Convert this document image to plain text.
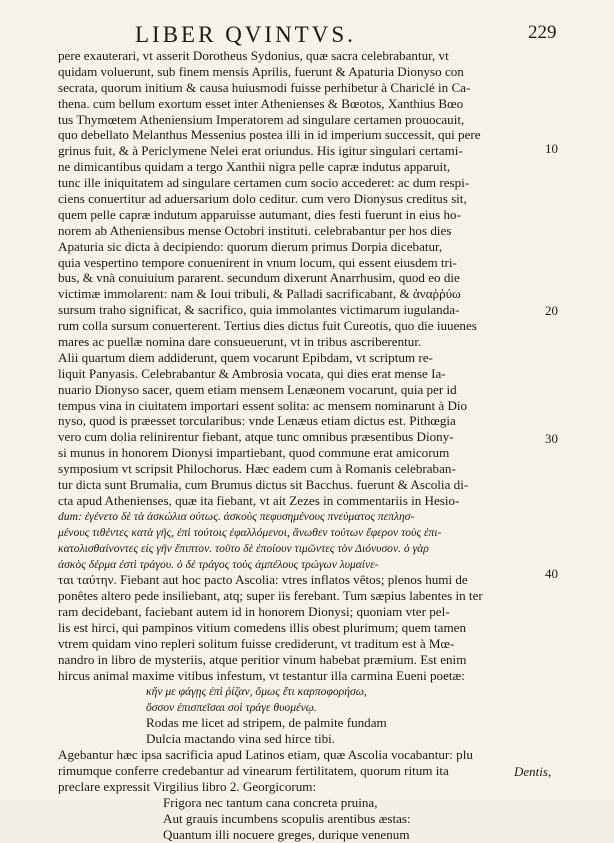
LIBER QVINTVS.	229
pere exauterari, vt asserit Dorotheus Sydonius, quæ sacra celebrabantur, vt
quidam voluerunt, sub finem mensis Aprilis, fuerunt & Apaturia Dionyso con
secrata, quorum initium & causa huiusmodi fuisse perhibetur à Chariclé in Ca-
thena. cum bellum exortum esset inter Athenienses & Bœotos, Xanthius Bœo
tus Thymœtem Atheniensium Imperatorem ad singulare certamen prouocauit,
quo debellato Melanthus Messenius postea illi in id imperium successit, qui pere
grinus fuit, & à Periclymene Nelei erat oriundus. His igitur singulari certami-
ne dimicantibus quidam a tergo Xanthii nigra pelle capræ indutus apparuit,
tunc ille iniquitatem ad singulare certamen cum socio accederet: ac dum respi-
ciens conuertitur ad aduersarium dolo ceditur. cum vero Dionysus creditus sit,
quem pelle capræ indutum apparuisse autumant, dies festi fuerunt in eius ho-
norem ab Atheniensibus mense Octobri instituti. celebrabantur per hos dies
Apaturia sic dicta à decipiendo: quorum dierum primus Dorpia dicebatur,
quia vespertino tempore conuenirent in vnum locum, qui essent eiusdem tri-
bus, & vnà conuiuium pararent. secundum dixerunt Anarrhusim, quod eo die
victimæ immolarent: nam & Ioui tribuli, & Palladi sacrificabant, & ἀναῤῥύω
sursum traho significat, & sacrifico, quia immolantes victimarum iugulanda-
rum colla sursum conuerterent. Tertius dies dictus fuit Cureotis, quo die iuuenes
mares ac puellæ nomina dare consueuerunt, vt in tribus ascriberentur.
Alii quartum diem addiderunt, quem vocarunt Epibdam, vt scriptum re-
liquit Panyasis. Celebrabantur & Ambrosia vocata, qui dies erat mense Ia-
nuario Dionyso sacer, quem etiam mensem Lenæonem vocarunt, quia per id
tempus vina in ciuitatem importari essent solita: ac mensem nominarunt à Dio
nyso, quod is præesset torcularibus: vnde Lenæus etiam dictus est. Pithœgia
vero cum dolia relinirentur fiebant, atque tunc omnibus præsentibus Diony-
si munus in honorem Dionysi impartiebant, quod commune erat amicorum
symposium vt scripsit Philochorus. Hæc eadem cum à Romanis celebraban-
tur dicta sunt Brumalia, cum Brumus dictus sit Bacchus. fuerunt & Ascolia di-
cta apud Athenienses, quæ ita fiebant, vt ait Zezes in commentariis in Hesio-
dum: ἐγένετο δὲ τὰ ἀσκώλια ούτως. ἀσκοὺς πεφυσημένους πνεύματος πεπλησ-
μένους τιθέντες κατὰ γῆς, ἐπὶ τούτοις ἐφαλλόμενοι, ἄνωθεν τούτων ἔφερον τοὺς ἐπι-
κατολισθαίνοντες εἰς γῆν ἔπιπτον. τοῦτο δὲ ἐποίουν τιμῶντες τὸν Διόνυσον. ὁ γὰρ
ἀσκὸς δέρμα ἐστὶ τράγου. ὁ δὲ τράγος τοὺς ἀμπέλους τρώγων λυμαίνε-
ται ταύτην. Fiebant aut hoc pacto Ascolia: vtres inflatos vêtos; plenos humi de
ponêtes altero pede insiliebant, atq; super iis ferebant. Tum sæpius labentes in ter
ram decidebant, faciebant autem id in honorem Dionysi; quoniam vter pel-
lis est hirci, qui pampinos vitium comedens illis obest plurimum; quem tamen
vtrem quidam vino repleri solitum fuisse crediderunt, vt traditum est à Mœ-
nandro in libro de mysteriis, atque peritior vinum habebat præmium. Est enim
hircus animal maxime vitibus infestum, vt testantur illa carmina Eueni poetæ:
κἤν με φάγῃς ἐπὶ ῥίζαν, ὅμως ἔτι καρποφορήσω,
ὅσσον ἐπισπεῖσαι σοὶ τράγε θυομένῳ.
Rodas me licet ad stripem, de palmite fundam
Dulcia mactando vina sed hirce tibi.
Agebantur hæc ipsa sacrificia apud Latinos etiam, quæ Ascolia vocabantur: plu
rimumque conferre credebantur ad vinearum fertilitatem, quorum ritum ita
preclare expressit Virgilius libro 2. Georgicorum:
Frigora nec tantum cana concreta pruina,
Aut grauis incumbens scopulis arentibus æstas:
Quantum illi nocuere greges, durique venenum
10
20
30
40
Dentis,
